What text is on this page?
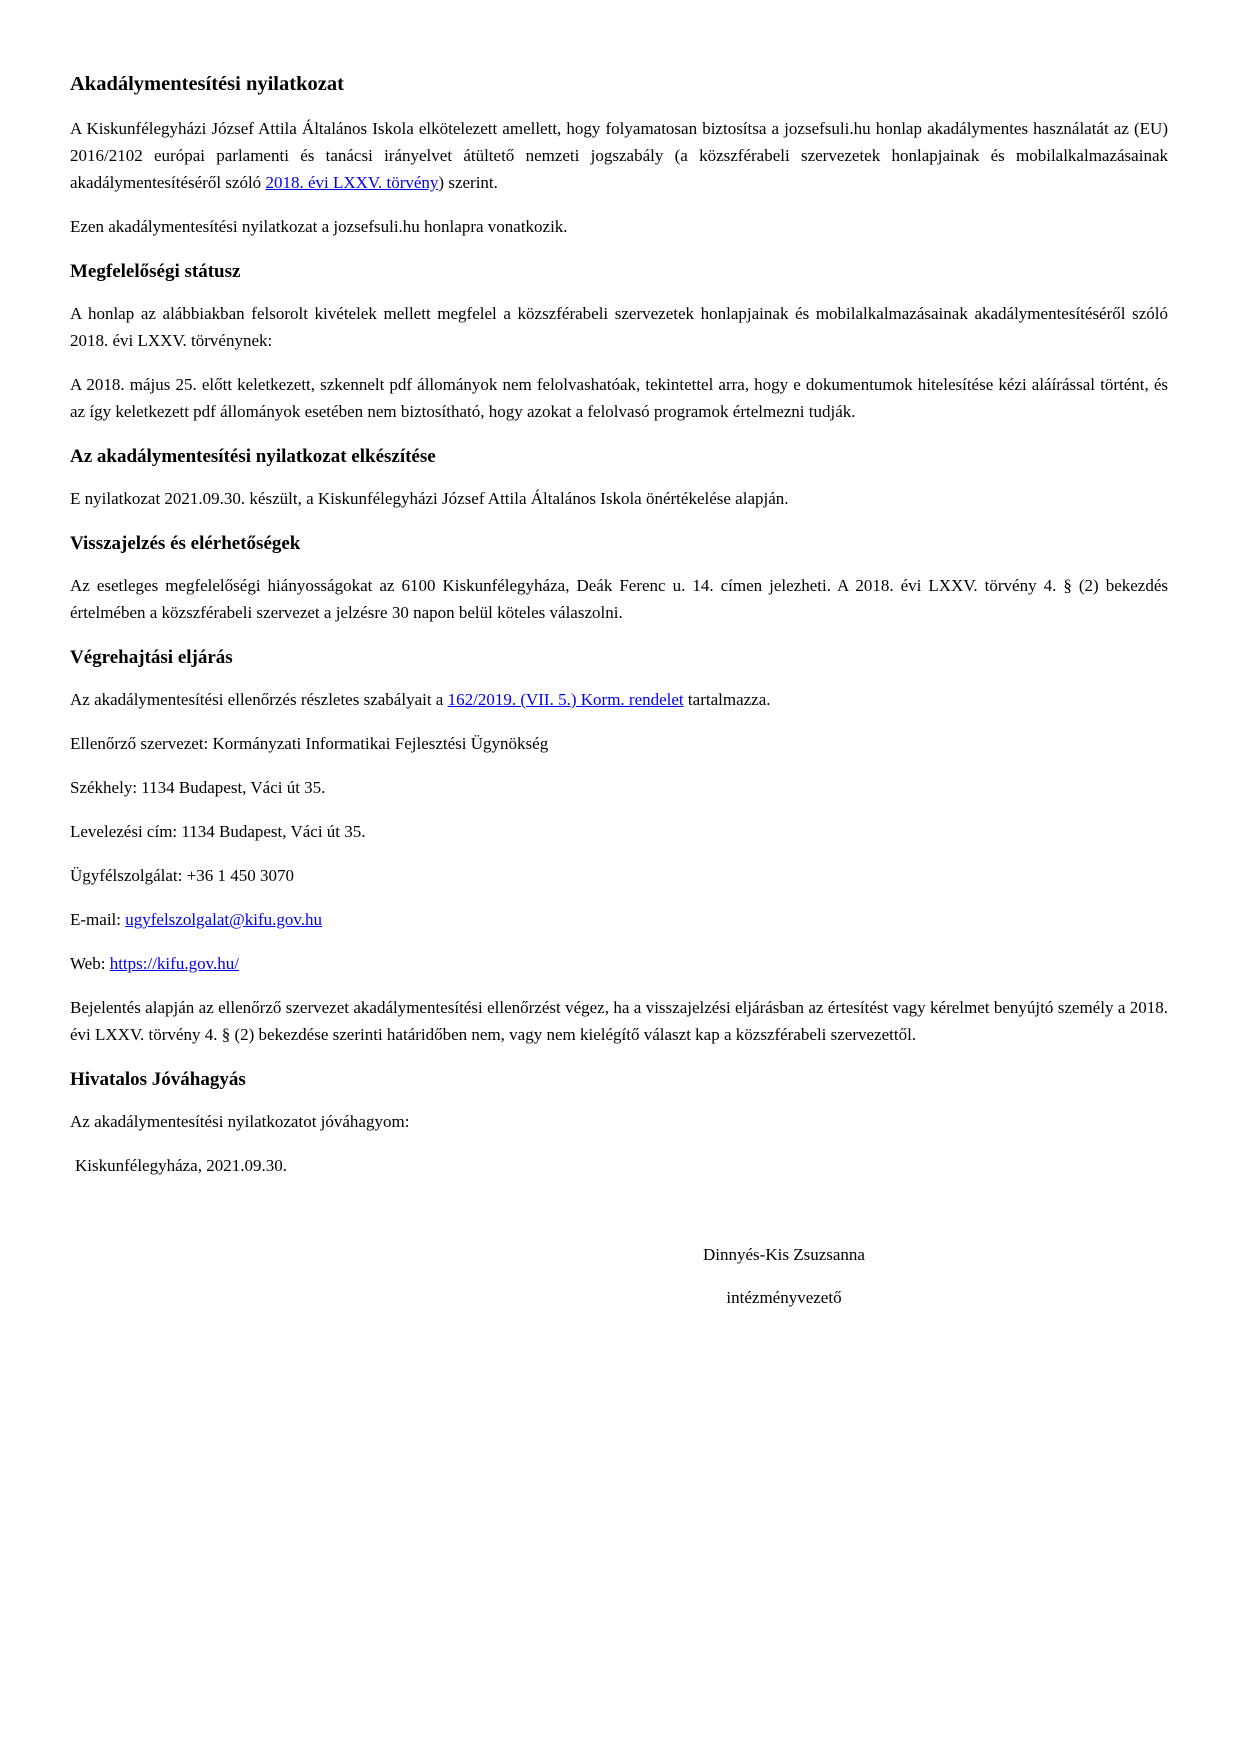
Akadálymentesítési nyilatkozat

A Kiskunfélegyházi József Attila Általános Iskola elkötelezett amellett, hogy folyamatosan biztosítsa a jozsefsuli.hu honlap akadálymentes használatát az (EU) 2016/2102 európai parlamenti és tanácsi irányelvet átültető nemzeti jogszabály (a közszférabeli szervezetek honlapjainak és mobilalkalmazásainak akadálymentesítéséről szóló 2018. évi LXXV. törvény) szerint.

Ezen akadálymentesítési nyilatkozat a jozsefsuli.hu honlapra vonatkozik.

Megfelelőségi státusz

A honlap az alábbiakban felsorolt kivételek mellett megfelel a közszférabeli szervezetek honlapjainak és mobilalkalmazásainak akadálymentesítéséről szóló 2018. évi LXXV. törvénynek:

A 2018. május 25. előtt keletkezett, szkennelt pdf állományok nem felolvashatóak, tekintettel arra, hogy e dokumentumok hitelesítése kézi aláírással történt, és az így keletkezett pdf állományok esetében nem biztosítható, hogy azokat a felolvasó programok értelmezni tudják.

Az akadálymentesítési nyilatkozat elkészítése

E nyilatkozat 2021.09.30. készült, a Kiskunfélegyházi József Attila Általános Iskola önértékelése alapján.

Visszajelzés és elérhetőségek

Az esetleges megfelelőségi hiányosságokat az 6100 Kiskunfélegyháza, Deák Ferenc u. 14. címen jelezheti. A 2018. évi LXXV. törvény 4. § (2) bekezdés értelmében a közszférabeli szervezet a jelzésre 30 napon belül köteles válaszolni.

Végrehajtási eljárás

Az akadálymentesítési ellenőrzés részletes szabályait a 162/2019. (VII. 5.) Korm. rendelet tartalmazza.

Ellenőrző szervezet: Kormányzati Informatikai Fejlesztési Ügynökség

Székhely: 1134 Budapest, Váci út 35.

Levelezési cím: 1134 Budapest, Váci út 35.

Ügyfélszolgálat: +36 1 450 3070

E-mail: ugyfelszolgalat@kifu.gov.hu

Web: https://kifu.gov.hu/

Bejelentés alapján az ellenőrző szervezet akadálymentesítési ellenőrzést végez, ha a visszajelzési eljárásban az értesítést vagy kérelmet benyújtó személy a 2018. évi LXXV. törvény 4. § (2) bekezdése szerinti határidőben nem, vagy nem kielégítő választ kap a közszférabeli szervezettől.

Hivatalos Jóváhagyás

Az akadálymentesítési nyilatkozatot jóváhagyom:

Kiskunfélegyháza, 2021.09.30.

Dinnyés-Kis Zsuzsanna

intézményvezető
